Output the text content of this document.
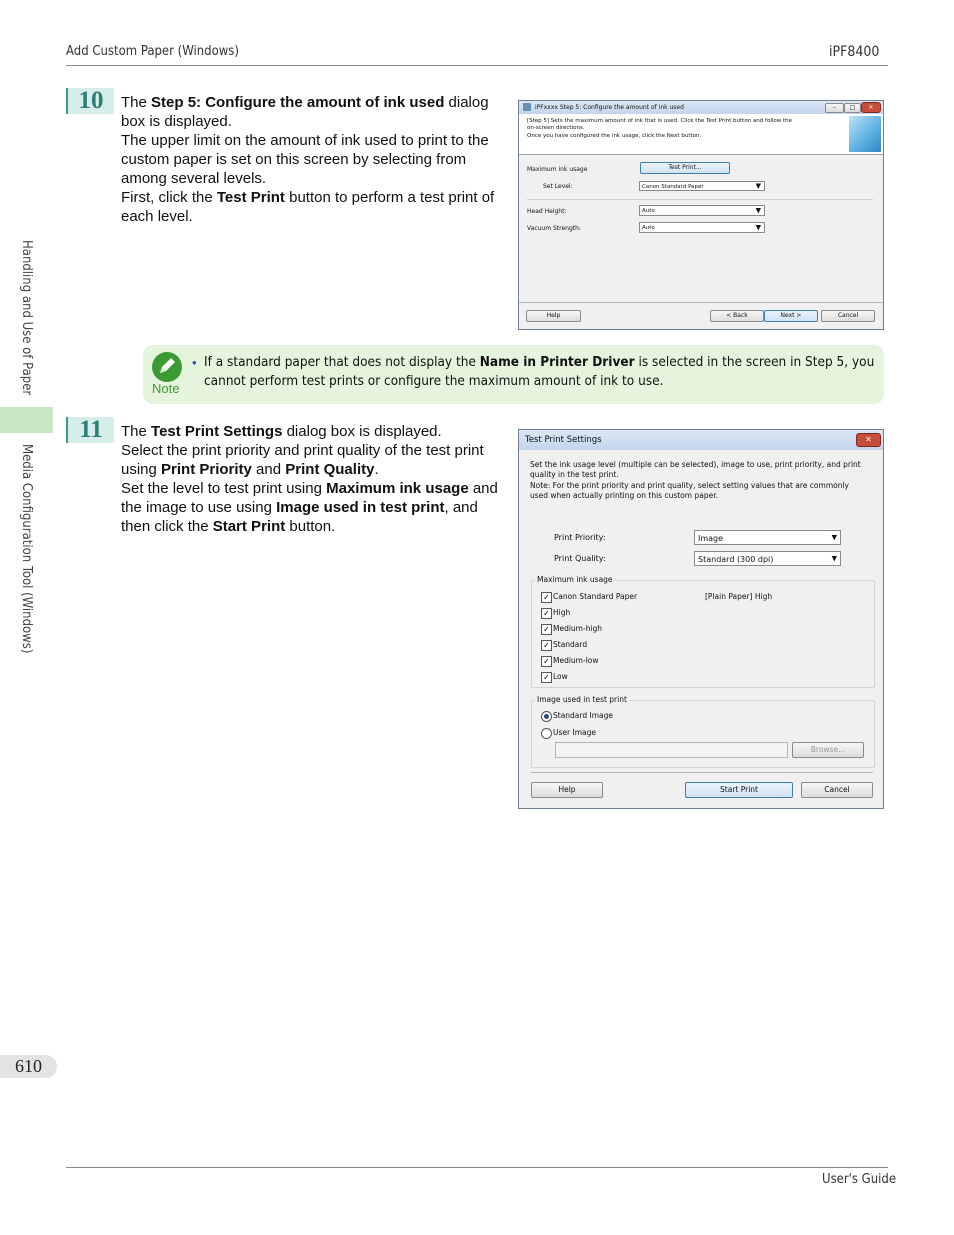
Add Custom Paper (Windows)	iPF8400
Handling and Use of Paper
Media Configuration Tool (Windows)
610
10	The Step 5: Configure the amount of ink used dialog box is displayed.
The upper limit on the amount of ink used to print to the custom paper is set on this screen by selecting from among several levels.
First, click the Test Print button to perform a test print of each level.
iPFxxxx Step 5: Configure the amount of ink used	–	□	✕
[Step 5] Sets the maximum amount of ink that is used. Click the Test Print button and follow the
on-screen directions.
Once you have configured the ink usage, click the Next button.
Maximum ink usage	Test Print...
Set Level:	Canon Standard Paper	▼
Head Height:	Auto	▼
Vacuum Strength:	Auto	▼
Help	< Back	Next >	Cancel
Note
• If a standard paper that does not display the Name in Printer Driver is selected in the screen in Step 5, you cannot perform test prints or configure the maximum amount of ink to use.
11	The Test Print Settings dialog box is displayed.
Select the print priority and print quality of the test print using Print Priority and Print Quality.
Set the level to test print using Maximum ink usage and the image to use using Image used in test print, and then click the Start Print button.
Test Print Settings	✕
Set the ink usage level (multiple can be selected), image to use, print priority, and print
quality in the test print.
Note: For the print priority and print quality, select setting values that are commonly
used when actually printing on this custom paper.
Print Priority:	Image	▼
Print Quality:	Standard (300 dpi)	▼
Maximum ink usage
✓ Canon Standard Paper	[Plain Paper] High
✓ High
✓ Medium-high
✓ Standard
✓ Medium-low
✓ Low
Image used in test print
Standard Image
User Image
Browse...
Help	Start Print	Cancel
User's Guide
